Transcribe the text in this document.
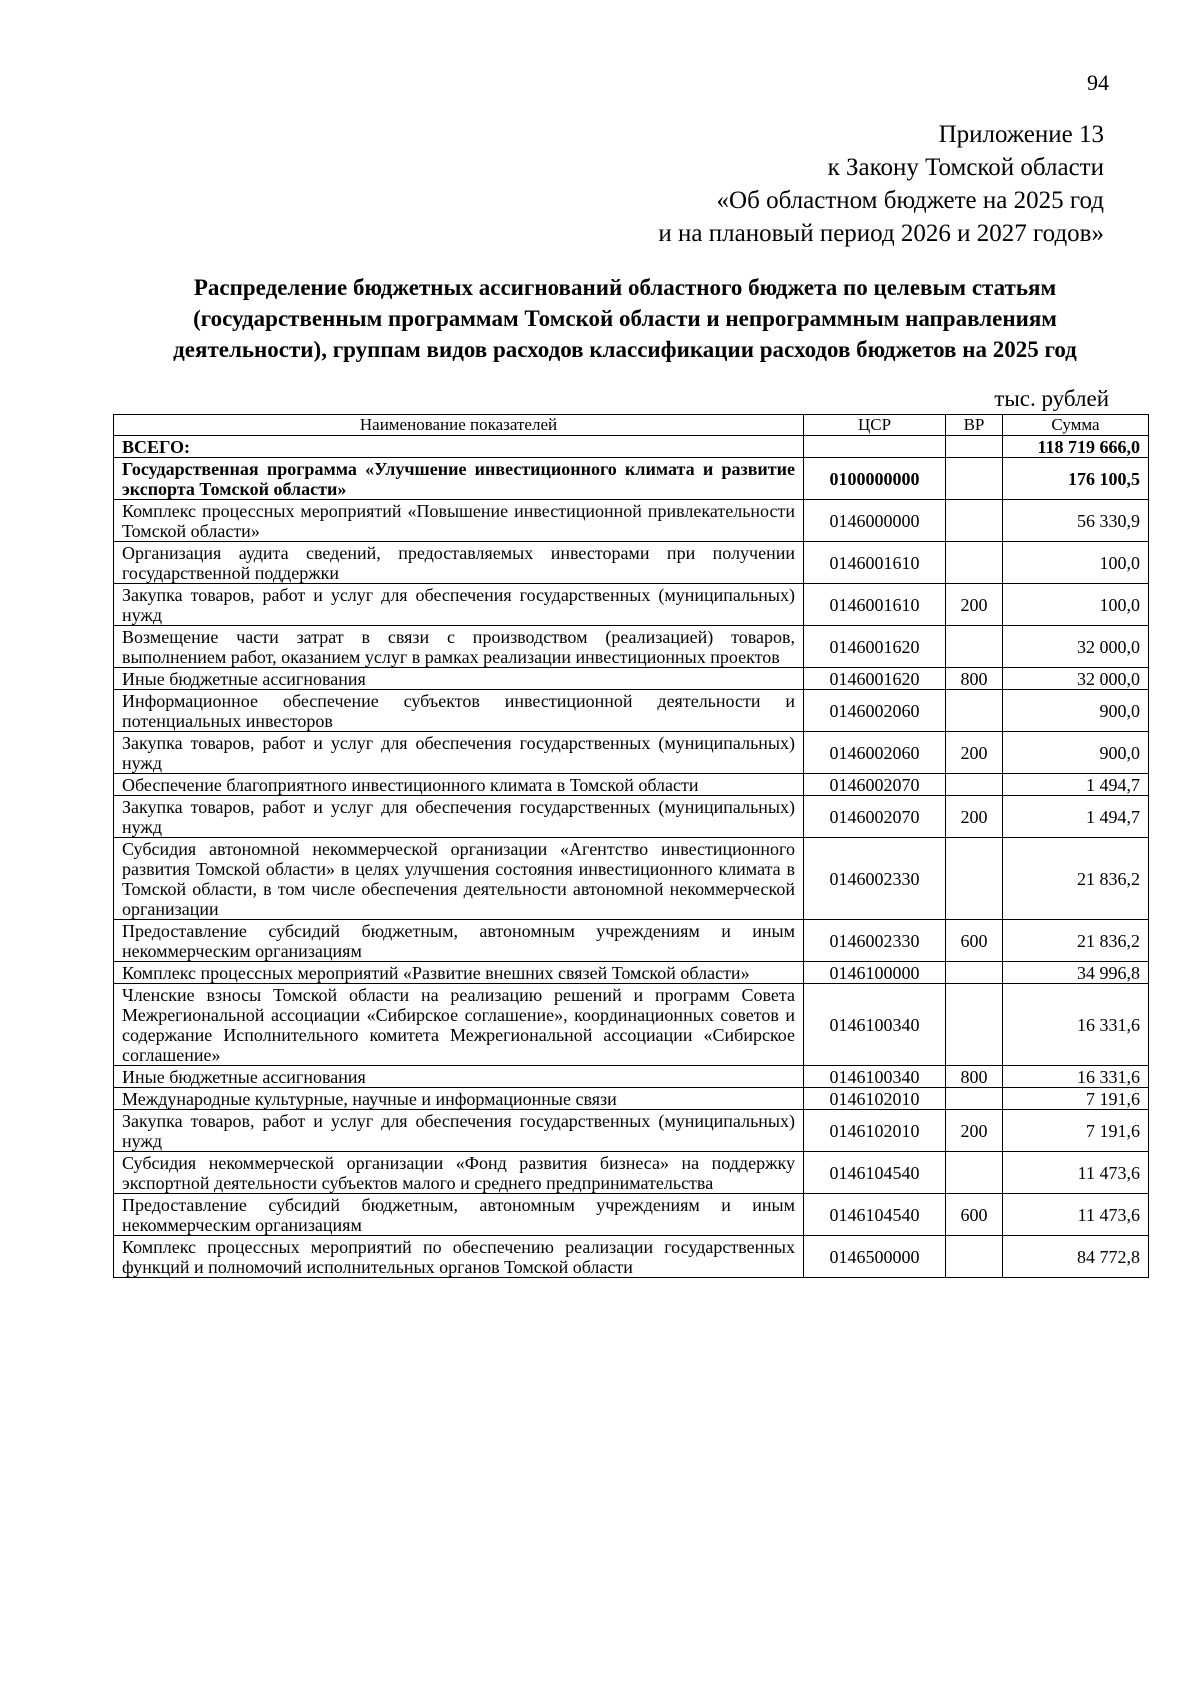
94
Приложение 13
к Закону Томской области
«Об областном бюджете на 2025 год
и на плановый период 2026 и 2027 годов»
Распределение бюджетных ассигнований областного бюджета по целевым статьям
(государственным программам Томской области и непрограммным направлениям
деятельности), группам видов расходов классификации расходов бюджетов на 2025 год
тыс. рублей
Наименование показателей	ЦСР	ВР	Сумма
ВСЕГО:			118 719 666,0
Государственная программа «Улучшение инвестиционного климата и развитие экспорта Томской области»	0100000000		176 100,5
Комплекс процессных мероприятий «Повышение инвестиционной привлекательности Томской области»	0146000000		56 330,9
Организация аудита сведений, предоставляемых инвесторами при получении государственной поддержки	0146001610		100,0
Закупка товаров, работ и услуг для обеспечения государственных (муниципальных) нужд	0146001610	200	100,0
Возмещение части затрат в связи с производством (реализацией) товаров, выполнением работ, оказанием услуг в рамках реализации инвестиционных проектов	0146001620		32 000,0
Иные бюджетные ассигнования	0146001620	800	32 000,0
Информационное обеспечение субъектов инвестиционной деятельности и потенциальных инвесторов	0146002060		900,0
Закупка товаров, работ и услуг для обеспечения государственных (муниципальных) нужд	0146002060	200	900,0
Обеспечение благоприятного инвестиционного климата в Томской области	0146002070		1 494,7
Закупка товаров, работ и услуг для обеспечения государственных (муниципальных) нужд	0146002070	200	1 494,7
Субсидия автономной некоммерческой организации «Агентство инвестиционного развития Томской области» в целях улучшения состояния инвестиционного климата в Томской области, в том числе обеспечения деятельности автономной некоммерческой организации	0146002330		21 836,2
Предоставление субсидий бюджетным, автономным учреждениям и иным некоммерческим организациям	0146002330	600	21 836,2
Комплекс процессных мероприятий «Развитие внешних связей Томской области»	0146100000		34 996,8
Членские взносы Томской области на реализацию решений и программ Совета Межрегиональной ассоциации «Сибирское соглашение», координационных советов и содержание Исполнительного комитета Межрегиональной ассоциации «Сибирское соглашение»	0146100340		16 331,6
Иные бюджетные ассигнования	0146100340	800	16 331,6
Международные культурные, научные и информационные связи	0146102010		7 191,6
Закупка товаров, работ и услуг для обеспечения государственных (муниципальных) нужд	0146102010	200	7 191,6
Субсидия некоммерческой организации «Фонд развития бизнеса» на поддержку экспортной деятельности субъектов малого и среднего предпринимательства	0146104540		11 473,6
Предоставление субсидий бюджетным, автономным учреждениям и иным некоммерческим организациям	0146104540	600	11 473,6
Комплекс процессных мероприятий по обеспечению реализации государственных функций и полномочий исполнительных органов Томской области	0146500000		84 772,8
